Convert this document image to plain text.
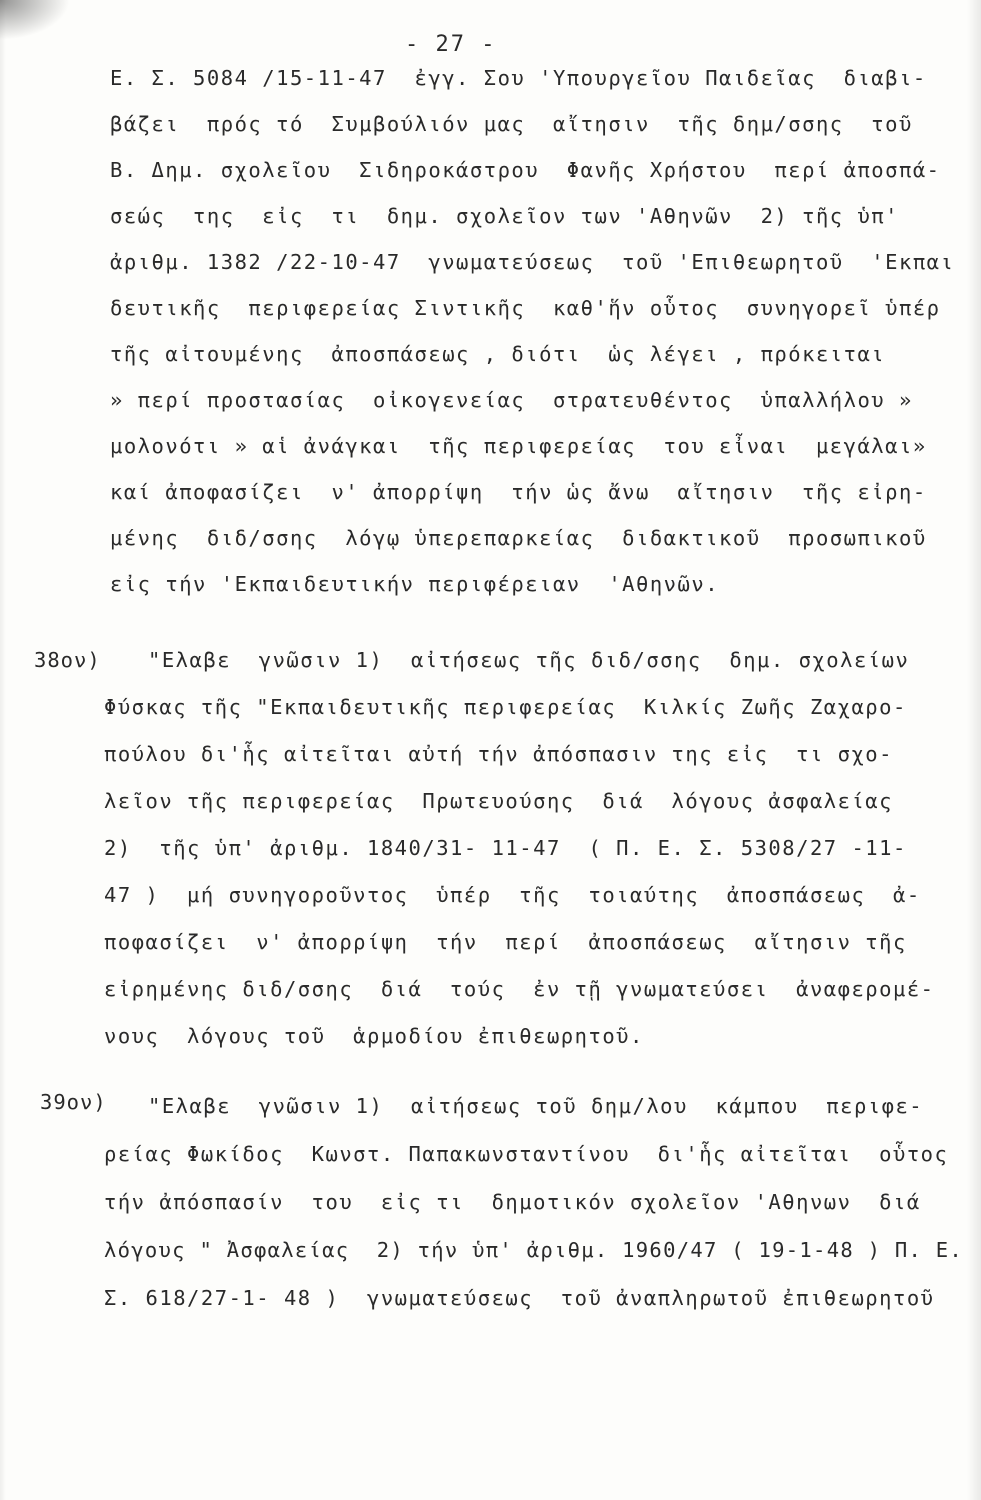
- 27 -
Ε. Σ. 5084 /15-11-47  ἐγγ. Σου 'Υπουργεῖου Παιδεῖας  διαβι-
βάζει  πρός τό  Συμβούλιόν μας  αἴτησιν  τῆς δημ/σσης  τοῦ
Β. Δημ. σχολεῖου  Σιδηροκάστρου  Φανῆς Χρήστου  περί ἀποσπά-
σεώς  της  εἰς  τι  δημ. σχολεῖον των 'Αθηνῶν  2) τῆς ὑπ'
ἀριθμ. 1382 /22-10-47  γνωματεύσεως  τοῦ 'Επιθεωρητοῦ  'Εκπαι
δευτικῆς  περιφερείας Σιντικῆς  καθ'ἥν οὗτος  συνηγορεῖ ὑπέρ
τῆς αἰτουμένης  ἀποσπάσεως , διότι  ὡς λέγει , πρόκειται
» περί προστασίας  οἰκογενείας  στρατευθέντος  ὑπαλλήλου »
μολονότι » αἱ ἀνάγκαι  τῆς περιφερείας  του εἶναι  μεγάλαι»
καί ἀποφασίζει  ν' ἀπορρίψη  τήν ὡς ἄνω  αἴτησιν  τῆς εἰρη-
μένης  διδ/σσης  λόγῳ ὑπερεπαρκείας  διδακτικοῦ  προσωπικοῦ
εἰς τήν 'Εκπαιδευτικήν περιφέρειαν  'Αθηνῶν.
38ον) "Ελαβε  γνῶσιν 1)  αἰτήσεως τῆς διδ/σσης  δημ. σχολείων
Φύσκας τῆς "Εκπαιδευτικῆς περιφερείας  Κιλκίς Ζωῆς Ζαχαρο-
πούλου δι'ἧς αἰτεῖται αὐτή τήν ἀπόσπασιν της εἰς  τι σχο-
λεῖον τῆς περιφερείας  Πρωτευούσης  διά  λόγους ἀσφαλείας
2)  τῆς ὑπ' ἀριθμ. 1840/31- 11-47  ( Π. Ε. Σ. 5308/27 -11-
47 )  μή συνηγοροῦντος  ὑπέρ  τῆς  τοιαύτης  ἀποσπάσεως  ἀ-
ποφασίζει  ν' ἀπορρίψη  τήν  περί  ἀποσπάσεως  αἴτησιν τῆς
εἰρημένης διδ/σσης  διά  τούς  ἐν τῇ γνωματεύσει  ἀναφερομέ-
νους  λόγους τοῦ  ἁρμοδίου ἐπιθεωρητοῦ.
39ον) "Ελαβε  γνῶσιν 1)  αἰτήσεως τοῦ δημ/λου  κάμπου  περιφε-
ρείας Φωκίδος  Κωνστ. Παπακωνσταντίνου  δι'ἧς αἰτεῖται  οὗτος
τήν ἀπόσπασίν  του  εἰς τι  δημοτικόν σχολεῖον 'Αθηνων  διά
λόγους " Ἀσφαλείας  2) τήν ὑπ' ἀριθμ. 1960/47 ( 19-1-48 ) Π. Ε.
Σ. 618/27-1- 48 )  γνωματεύσεως  τοῦ ἀναπληρωτοῦ ἐπιθεωρητοῦ
